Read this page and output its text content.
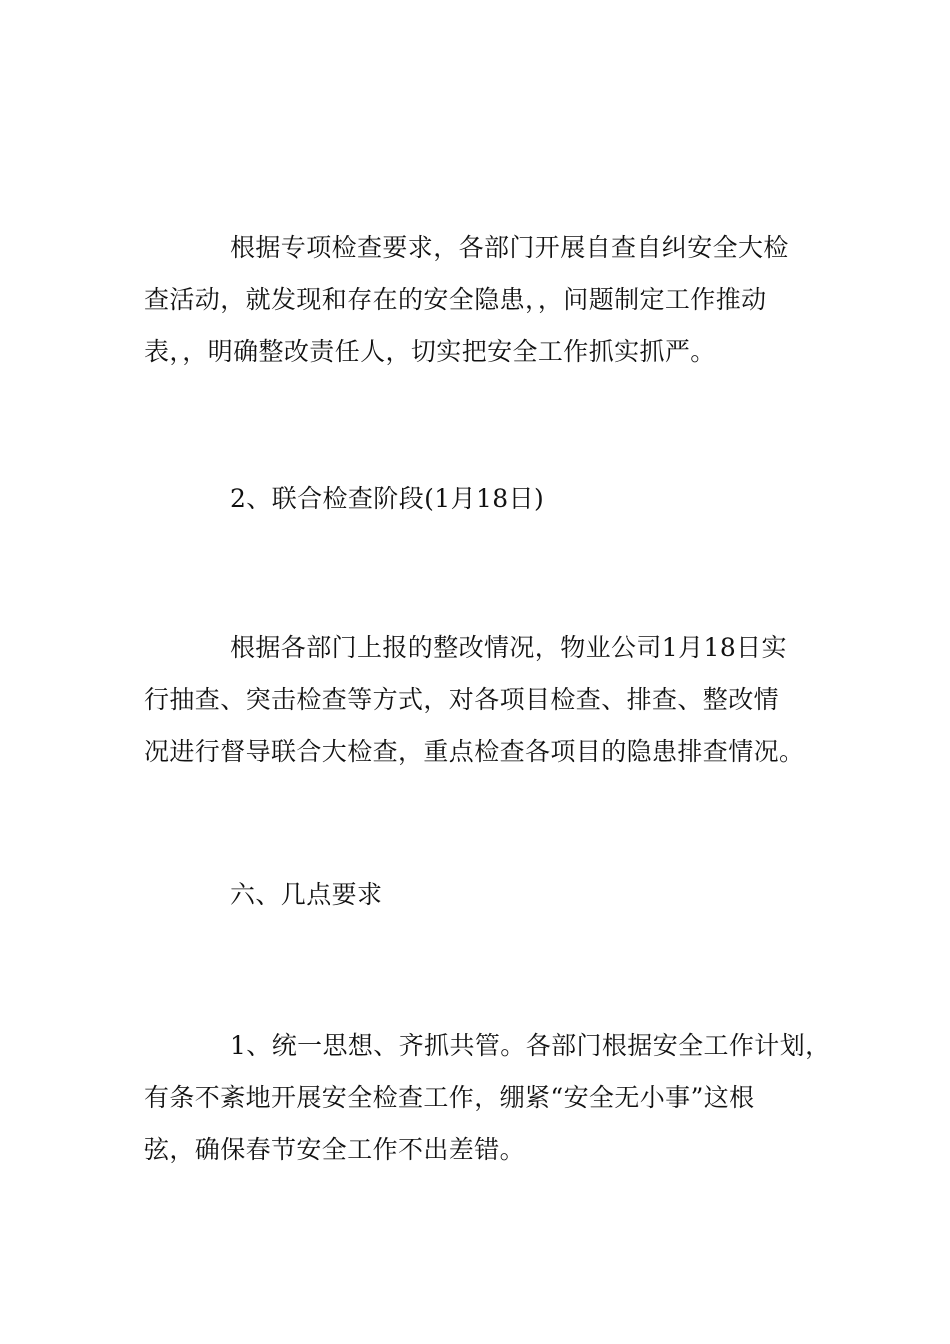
根据专项检查要求，各部门开展自查自纠安全大检
查活动，就发现和存在的安全隐患，，问题制定工作推动
表，，明确整改责任人，切实把安全工作抓实抓严。
2、联合检查阶段(1月18日)
根据各部门上报的整改情况，物业公司1月18日实
行抽查、突击检查等方式，对各项目检查、排查、整改情
况进行督导联合大检查，重点检查各项目的隐患排查情况。
六、几点要求
1、统一思想、齐抓共管。各部门根据安全工作计划，
有条不紊地开展安全检查工作，绷紧“安全无小事”这根
弦，确保春节安全工作不出差错。
